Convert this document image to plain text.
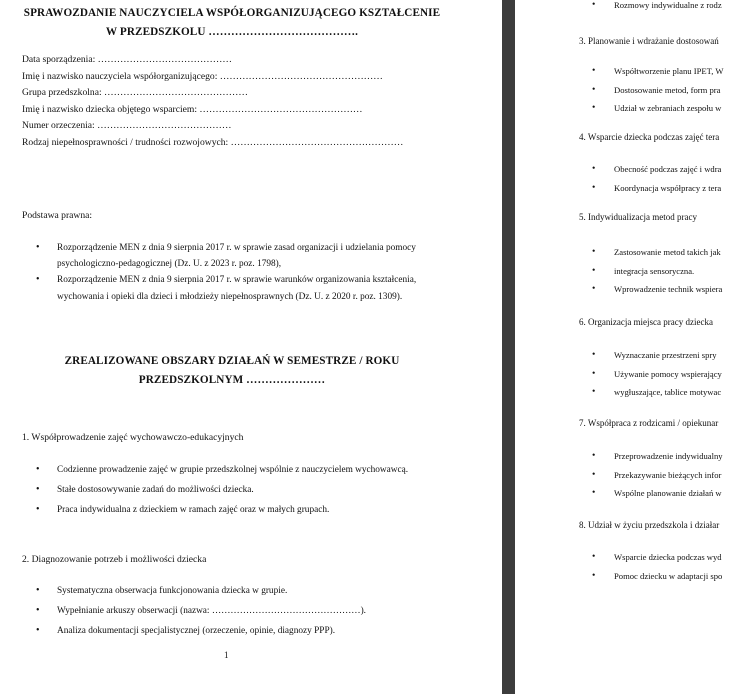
SPRAWOZDANIE NAUCZYCIELA WSPÓŁORGANIZUJĄCEGO KSZTAŁCENIE
W PRZEDSZKOLU ………………………………….
Data sporządzenia: ……………………………………
Imię i nazwisko nauczyciela współorganizującego: ……………………………………………
Grupa przedszkolna: ………………………………………
Imię i nazwisko dziecka objętego wsparciem: ……………………………………………
Numer orzeczenia: ……………………………………
Rodzaj niepełnosprawności / trudności rozwojowych: ………………………………………………
Podstawa prawna:
• Rozporządzenie MEN z dnia 9 sierpnia 2017 r. w sprawie zasad organizacji i udzielania pomocy psychologiczno-pedagogicznej (Dz. U. z 2023 r. poz. 1798),
• Rozporządzenie MEN z dnia 9 sierpnia 2017 r. w sprawie warunków organizowania kształcenia, wychowania i opieki dla dzieci i młodzieży niepełnosprawnych (Dz. U. z 2020 r. poz. 1309).
ZREALIZOWANE OBSZARY DZIAŁAŃ W SEMESTRZE / ROKU
PRZEDSZKOLNYM …………………
1. Współprowadzenie zajęć wychowawczo-edukacyjnych
• Codzienne prowadzenie zajęć w grupie przedszkolnej wspólnie z nauczycielem wychowawcą.
• Stałe dostosowywanie zadań do możliwości dziecka.
• Praca indywidualna z dzieckiem w ramach zajęć oraz w małych grupach.
2. Diagnozowanie potrzeb i możliwości dziecka
• Systematyczna obserwacja funkcjonowania dziecka w grupie.
• Wypełnianie arkuszy obserwacji (nazwa: …………………………………………).
• Analiza dokumentacji specjalistycznej (orzeczenie, opinie, diagnozy PPP).
1
• Rozmowy indywidualne z rodz
3. Planowanie i wdrażanie dostosowań
• Współtworzenie planu IPET, W
• Dostosowanie metod, form pra
• Udział w zebraniach zespołu w
4. Wsparcie dziecka podczas zajęć tera
• Obecność podczas zajęć i wdra
• Koordynacja współpracy z tera
5. Indywidualizacja metod pracy
• Zastosowanie metod takich jak
• integracja sensoryczna.
• Wprowadzenie technik wspiera
6. Organizacja miejsca pracy dziecka
• Wyznaczanie przestrzeni spry
• Używanie pomocy wspierający
• wygłuszające, tablice motywac
7. Współpraca z rodzicami / opiekunar
• Przeprowadzenie indywidualny
• Przekazywanie bieżących infor
• Wspólne planowanie działań w
8. Udział w życiu przedszkola i działar
• Wsparcie dziecka podczas wyd
• Pomoc dziecku w adaptacji spo
